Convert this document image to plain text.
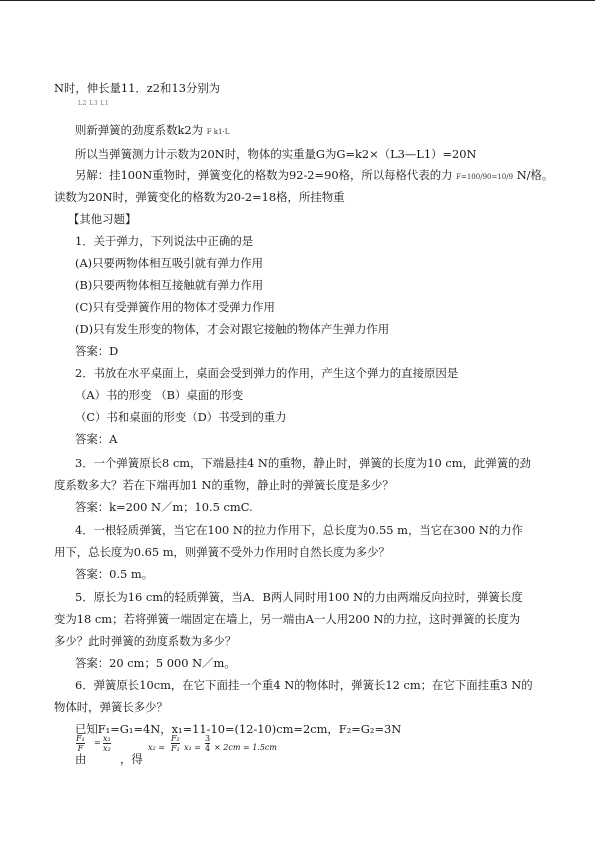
N时，伸长量11．z2和13分别为
L2 L3 L1
则新弹簧的劲度系数k2为 F k1·L
所以当弹簧测力计示数为20N时，物体的实重量G为G=k2×（L3—L1）=20N
另解：挂100N重物时，弹簧变化的格数为92-2=90格，所以每格代表的力 F=100/90=10/9 N/格。
读数为20N时，弹簧变化的格数为20-2=18格，所挂物重
【其他习题】
1．关于弹力，下列说法中正确的是
(A)只要两物体相互吸引就有弹力作用
(B)只要两物体相互接触就有弹力作用
(C)只有受弹簧作用的物体才受弹力作用
(D)只有发生形变的物体，才会对跟它接触的物体产生弹力作用
答案：D
2．书放在水平桌面上，桌面会受到弹力的作用，产生这个弹力的直接原因是
（A）书的形变 （B）桌面的形变
（C）书和桌面的形变（D）书受到的重力
答案：A
3．一个弹簧原长8 cm，下端悬挂4 N的重物，静止时，弹簧的长度为10 cm，此弹簧的劲
度系数多大？若在下端再加1 N的重物，静止时的弹簧长度是多少？
答案：k=200 N／m；10.5 cmC.
4．一根轻质弹簧，当它在100 N的拉力作用下，总长度为0.55 m，当它在300 N的力作
用下，总长度为0.65 m，则弹簧不受外力作用时自然长度为多少？
答案：0.5 m。
5．原长为16 cm的轻质弹簧，当A．B两人同时用100 N的力由两端反向拉时，弹簧长度
变为18 cm；若将弹簧一端固定在墙上，另一端由A一人用200 N的力拉，这时弹簧的长度为
多少？此时弹簧的劲度系数为多少？
答案：20 cm；5 000 N／m。
6．弹簧原长10cm，在它下面挂一个重4 N的物体时，弹簧长12 cm；在它下面挂重3 N的
物体时，弹簧长多少？
已知F₁=G₁=4N，x₁=11-10=(12-10)cm=2cm，F₂=G₂=3N
由
F₁
F
= x₁
x₂
，得
x₂ =
F₂
F₁ x₁ =
3
4 × 2cm = 1.5cm
